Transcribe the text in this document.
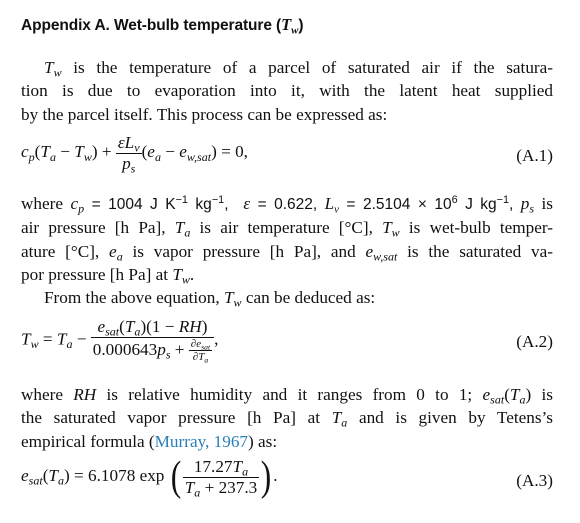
Appendix A. Wet-bulb temperature $(T_w)$
$T_w$ is the temperature of a parcel of saturated air if the satura-
tion is due to evaporation into it, with the latent heat supplied
by the parcel itself. This process can be expressed as:
$c_p(T_a - T_w) + \frac{\varepsilon L_v}{p_s} (e_a - e_{w,sat}) = 0$,	(A.1)
where $c_p = 1004$ J $K^{-1}$ $kg^{-1}$,  ε = 0.622, $L_v = 2.5104 \times 10^6$ J $kg^{-1}$, $p_s$ is
air pressure [h Pa], $T_a$ is air temperature [°C], $T_w$ is wet-bulb temper-
ature [°C], $e_a$ is vapor pressure [h Pa], and $e_{w,sat}$ is the saturated va-
por pressure [h Pa] at $T_w$.
From the above equation, $T_w$ can be deduced as:
$T_w = T_a - \frac{e_{sat}(T_a)(1 - RH)}{0.000643p_s + \frac{\partial e_{sat}}{\partial T_a}}$ ,	(A.2)
where RH is relative humidity and it ranges from 0 to 1; $e_{sat}(T_a)$ is
the saturated vapor pressure [h Pa] at $T_a$ and is given by Tetens’s
empirical formula (Murray, 1967) as:
$e_{sat}(T_a) = 6.1078$ exp ( $\frac{17.27T_a}{T_a + 237.3}$ ) .	(A.3)
